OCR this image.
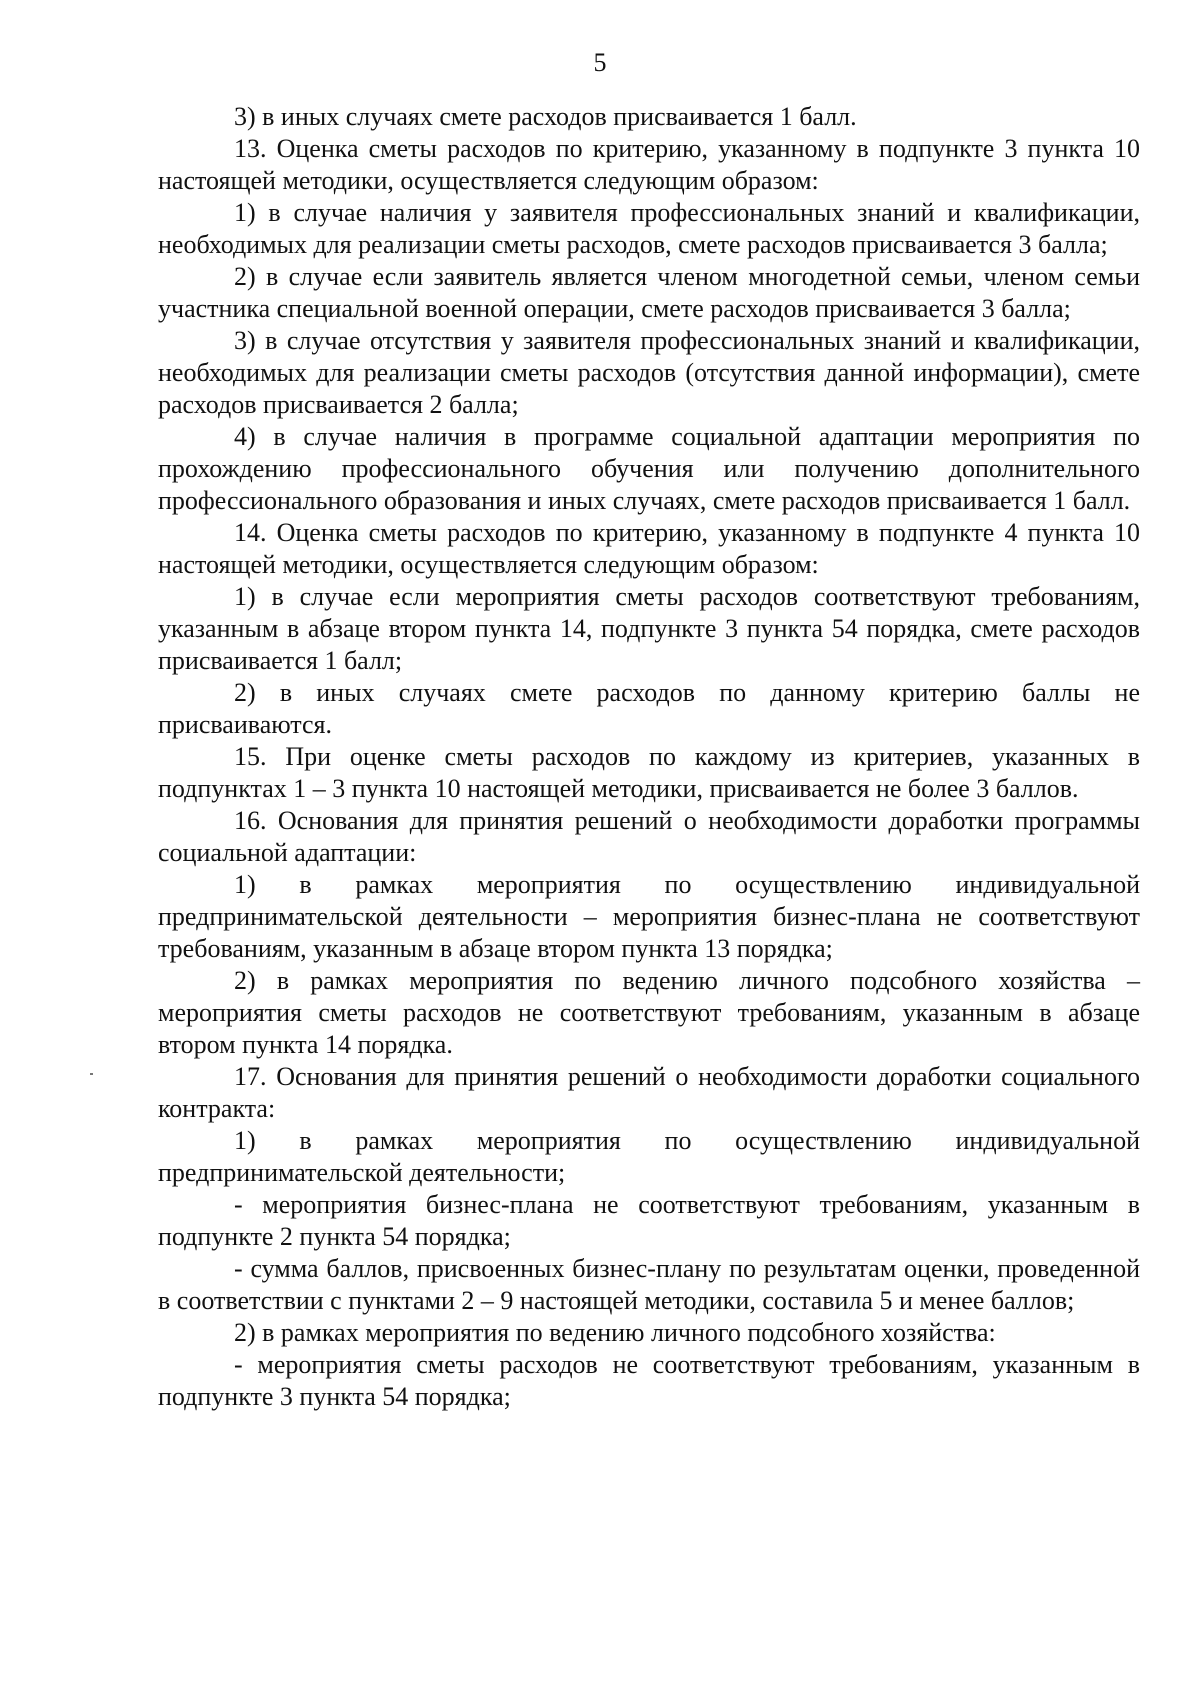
5

3) в иных случаях смете расходов присваивается 1 балл.

13. Оценка сметы расходов по критерию, указанному в подпункте 3 пункта 10 настоящей методики, осуществляется следующим образом:

1) в случае наличия у заявителя профессиональных знаний и квалификации, необходимых для реализации сметы расходов, смете расходов присваивается 3 балла;

2) в случае если заявитель является членом многодетной семьи, членом семьи участника специальной военной операции, смете расходов присваивается 3 балла;

3) в случае отсутствия у заявителя профессиональных знаний и квалификации, необходимых для реализации сметы расходов (отсутствия данной информации), смете расходов присваивается 2 балла;

4) в случае наличия в программе социальной адаптации мероприятия по прохождению профессионального обучения или получению дополнительного профессионального образования и иных случаях, смете расходов присваивается 1 балл.

14. Оценка сметы расходов по критерию, указанному в подпункте 4 пункта 10 настоящей методики, осуществляется следующим образом:

1) в случае если мероприятия сметы расходов соответствуют требованиям, указанным в абзаце втором пункта 14, подпункте 3 пункта 54 порядка, смете расходов присваивается 1 балл;

2) в иных случаях смете расходов по данному критерию баллы не присваиваются.

15. При оценке сметы расходов по каждому из критериев, указанных в подпунктах 1 – 3 пункта 10 настоящей методики, присваивается не более 3 баллов.

16. Основания для принятия решений о необходимости доработки программы социальной адаптации:

1) в рамках мероприятия по осуществлению индивидуальной предпринимательской деятельности – мероприятия бизнес-плана не соответствуют требованиям, указанным в абзаце втором пункта 13 порядка;

2) в рамках мероприятия по ведению личного подсобного хозяйства – мероприятия сметы расходов не соответствуют требованиям, указанным в абзаце втором пункта 14 порядка.

17. Основания для принятия решений о необходимости доработки социального контракта:

1) в рамках мероприятия по осуществлению индивидуальной предпринимательской деятельности;

- мероприятия бизнес-плана не соответствуют требованиям, указанным в подпункте 2 пункта 54 порядка;

- сумма баллов, присвоенных бизнес-плану по результатам оценки, проведенной в соответствии с пунктами 2 – 9 настоящей методики, составила 5 и менее баллов;

2) в рамках мероприятия по ведению личного подсобного хозяйства:

- мероприятия сметы расходов не соответствуют требованиям, указанным в подпункте 3 пункта 54 порядка;
